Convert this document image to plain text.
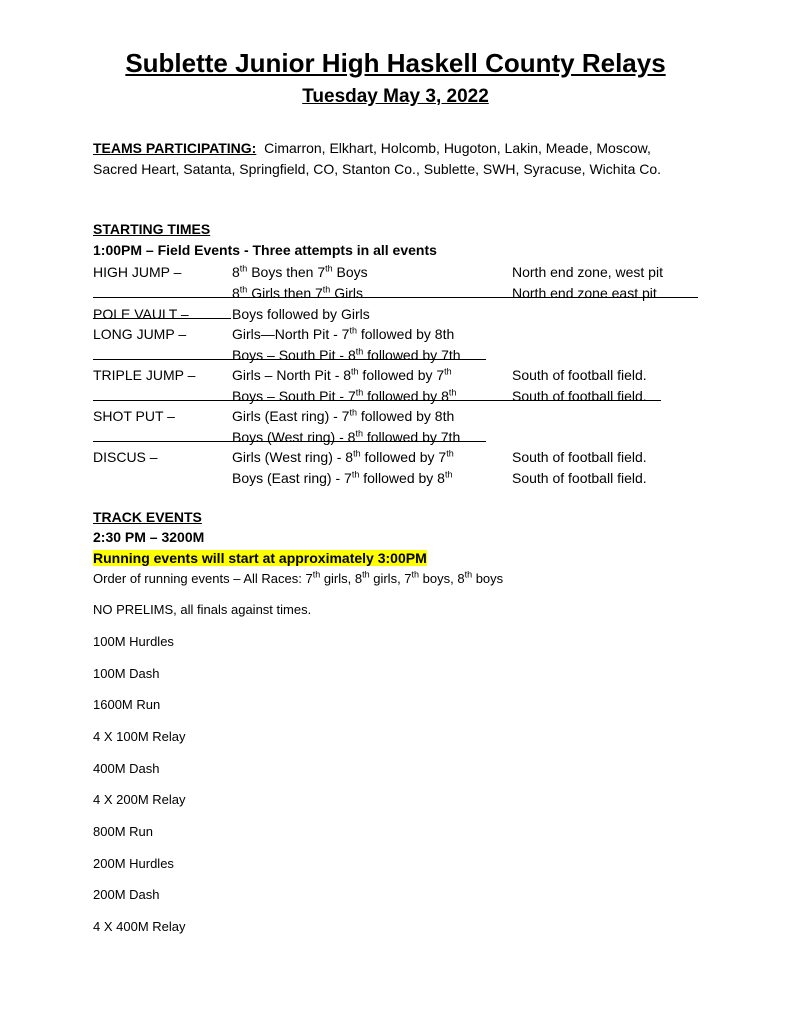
Sublette Junior High Haskell County Relays
Tuesday May 3, 2022
TEAMS PARTICIPATING: Cimarron, Elkhart, Holcomb, Hugoton, Lakin, Meade, Moscow, Sacred Heart, Satanta, Springfield, CO, Stanton Co., Sublette, SWH, Syracuse, Wichita Co.
STARTING TIMES
1:00PM – Field Events - Three attempts in all events
HIGH JUMP –	8th Boys then 7th Boys	North end zone, west pit
8th Girls then 7th Girls	North end zone east pit
POLE VAULT –	Boys followed by Girls
LONG JUMP –	Girls—North Pit - 7th followed by 8th
Boys – South Pit - 8th followed by 7th
TRIPLE JUMP –	Girls – North Pit - 8th followed by 7th	South of football field.
Boys – South Pit - 7th followed by 8th	South of football field.
SHOT PUT –	Girls (East ring) - 7th followed by 8th
Boys (West ring) - 8th followed by 7th
DISCUS –	Girls (West ring) - 8th followed by 7th	South of football field.
Boys (East ring) - 7th followed by 8th	South of football field.
TRACK EVENTS
2:30 PM – 3200M
Running events will start at approximately 3:00PM
Order of running events – All Races: 7th girls, 8th girls, 7th boys, 8th boys
NO PRELIMS, all finals against times.
100M Hurdles
100M Dash
1600M Run
4 X 100M Relay
400M Dash
4 X 200M Relay
800M Run
200M Hurdles
200M Dash
4 X 400M Relay
